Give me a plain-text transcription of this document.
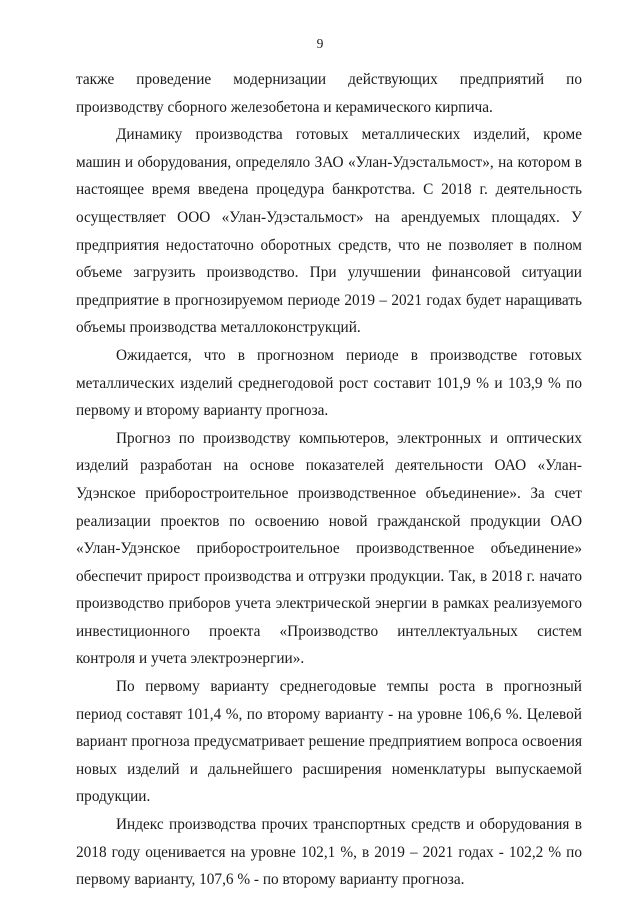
9

также проведение модернизации действующих предприятий по производству сборного железобетона и керамического кирпича.

Динамику производства готовых металлических изделий, кроме машин и оборудования, определяло ЗАО «Улан-Удэстальмост», на котором в настоящее время введена процедура банкротства. С 2018 г. деятельность осуществляет ООО «Улан-Удэстальмост» на арендуемых площадях. У предприятия недостаточно оборотных средств, что не позволяет в полном объеме загрузить производство. При улучшении финансовой ситуации предприятие в прогнозируемом периоде 2019 – 2021 годах будет наращивать объемы производства металлоконструкций.

Ожидается, что в прогнозном периоде в производстве готовых металлических изделий среднегодовой рост составит 101,9 % и 103,9 % по первому и второму варианту прогноза.

Прогноз по производству компьютеров, электронных и оптических изделий разработан на основе показателей деятельности ОАО «Улан-Удэнское приборостроительное производственное объединение». За счет реализации проектов по освоению новой гражданской продукции ОАО «Улан-Удэнское приборостроительное производственное объединение» обеспечит прирост производства и отгрузки продукции. Так, в 2018 г. начато производство приборов учета электрической энергии в рамках реализуемого инвестиционного проекта «Производство интеллектуальных систем контроля и учета электроэнергии».

По первому варианту среднегодовые темпы роста в прогнозный период составят 101,4 %, по второму варианту - на уровне 106,6 %. Целевой вариант прогноза предусматривает решение предприятием вопроса освоения новых изделий и дальнейшего расширения номенклатуры выпускаемой продукции.

Индекс производства прочих транспортных средств и оборудования в 2018 году оценивается на уровне 102,1 %, в 2019 – 2021 годах - 102,2 % по первому варианту, 107,6 % - по второму варианту прогноза.
